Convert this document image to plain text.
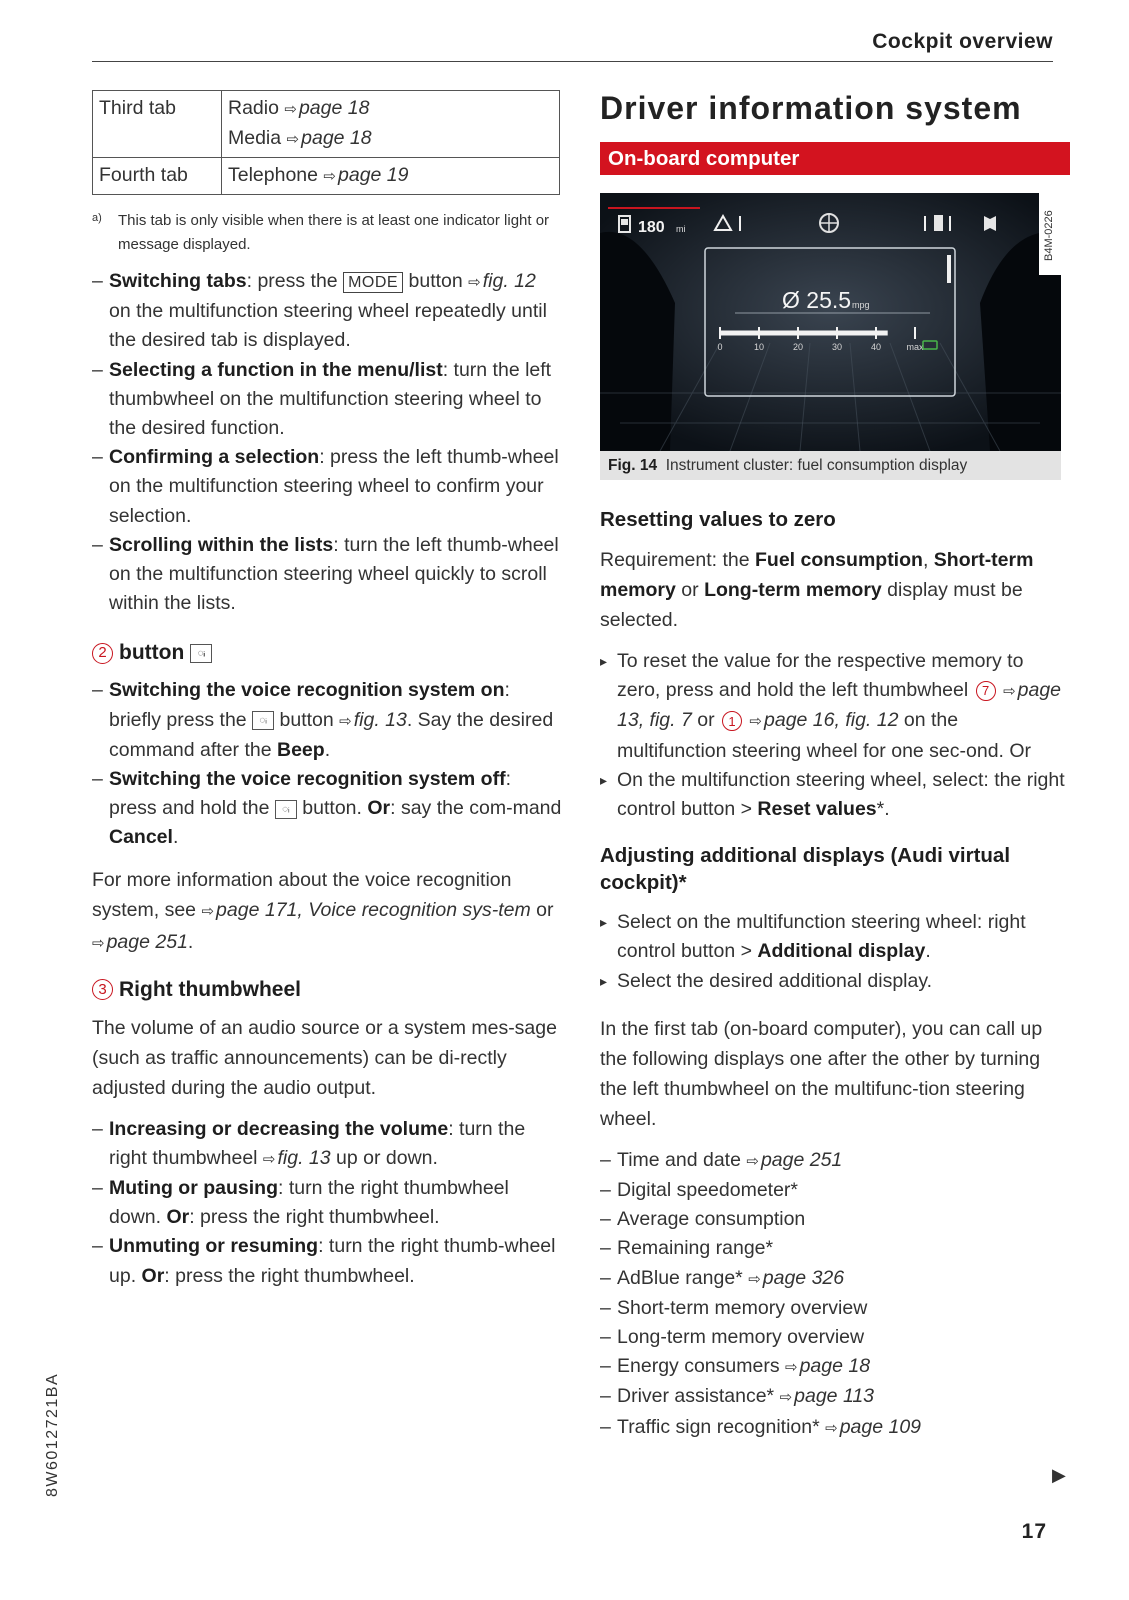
Cockpit overview
Third tab	Radio ⇨ page 18
Media ⇨ page 18

Fourth tab	Telephone ⇨ page 19
a)	This tab is only visible when there is at least one indicator light or message displayed.
– Switching tabs: press the MODE button ⇨ fig. 12 on the multifunction steering wheel repeatedly until the desired tab is displayed.
– Selecting a function in the menu/list: turn the left thumbwheel on the multifunction steering wheel to the desired function.
– Confirming a selection: press the left thumb-wheel on the multifunction steering wheel to confirm your selection.
– Scrolling within the lists: turn the left thumb-wheel on the multifunction steering wheel quickly to scroll within the lists.
2 button	◌ᵢ
– Switching the voice recognition system on: briefly press the ◌ᵢ button ⇨ fig. 13. Say the desired command after the Beep.
– Switching the voice recognition system off: press and hold the ◌ᵢ button. Or: say the com-mand Cancel.

For more information about the voice recognition system, see ⇨ page 171, Voice recognition sys-tem or ⇨ page 251.

3 Right thumbwheel

The volume of an audio source or a system mes-sage (such as traffic announcements) can be di-rectly adjusted during the audio output.

– Increasing or decreasing the volume: turn the right thumbwheel ⇨ fig. 13 up or down.
– Muting or pausing: turn the right thumbwheel down. Or: press the right thumbwheel.
– Unmuting or resuming: turn the right thumb-wheel up. Or: press the right thumbwheel.
Driver information system
On-board computer
180 mi
Ø 25.5 mpg
0	10	20	30	40	max
B4M-0226
Fig. 14 Instrument cluster: fuel consumption display
Resetting values to zero

Requirement: the Fuel consumption, Short-term memory or Long-term memory display must be selected.

▸ To reset the value for the respective memory to zero, press and hold the left thumbwheel 7 ⇨ page 13, fig. 7 or 1 ⇨ page 16, fig. 12 on the multifunction steering wheel for one sec-ond. Or
▸ On the multifunction steering wheel, select: the right control button > Reset values*.
Adjusting additional displays (Audi virtual cockpit)*
▸ Select on the multifunction steering wheel: right control button > Additional display.
▸ Select the desired additional display.

In the first tab (on-board computer), you can call up the following displays one after the other by turning the left thumbwheel on the multifunc-tion steering wheel.

– Time and date ⇨ page 251
– Digital speedometer*
– Average consumption
– Remaining range*
– AdBlue range* ⇨ page 326
– Short-term memory overview
– Long-term memory overview
– Energy consumers ⇨ page 18
– Driver assistance* ⇨ page 113
– Traffic sign recognition* ⇨ page 109
8W6012721BA	▶
17
